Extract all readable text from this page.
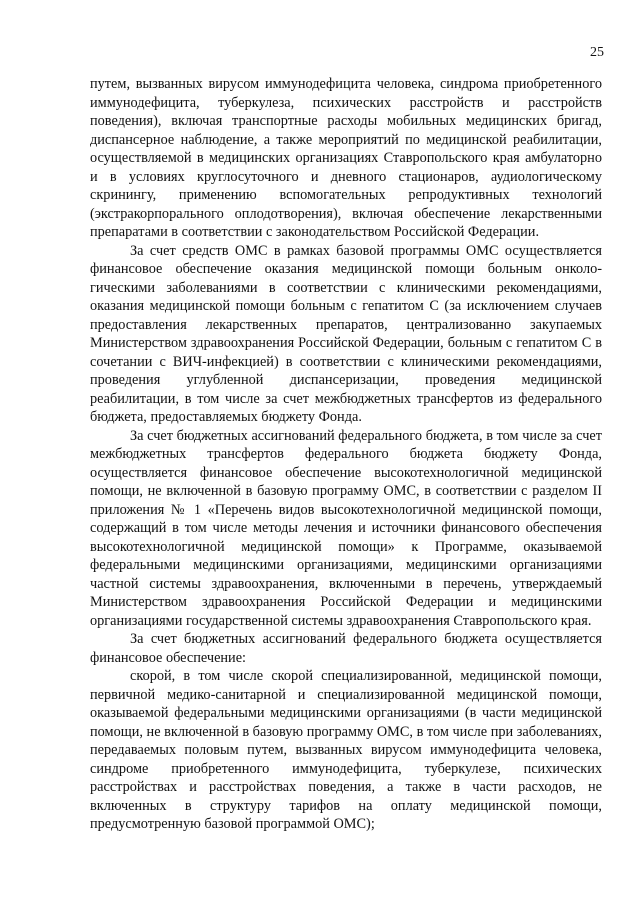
25

путем, вызванных вирусом иммунодефицита человека, синдрома приобретенного иммунодефицита, туберкулеза, психических расстройств и расстройств поведения), включая транспортные расходы мобильных медицинских бригад, диспансерное наблюдение, а также мероприятий по медицинской реабилитации, осуществляемой в медицинских организациях Ставропольского края амбулаторно и в условиях круглосуточного и дневного стационаров, аудиологическому скринингу, применению вспомогательных репродуктивных технологий (экстракорпорального оплодотворения), включая обеспечение лекарственными препаратами в соответствии с законодательством Российской Федерации.

За счет средств ОМС в рамках базовой программы ОМС осуществляется финансовое обеспечение оказания медицинской помощи больным онкологическими заболеваниями в соответствии с клиническими рекомендациями, оказания медицинской помощи больным с гепатитом С (за исключением случаев предоставления лекарственных препаратов, централизованно закупаемых Министерством здравоохранения Российской Федерации, больным с гепатитом С в сочетании с ВИЧ-инфекцией) в соответствии с клиническими рекомендациями, проведения углубленной диспансеризации, проведения медицинской реабилитации, в том числе за счет межбюджетных трансфертов из федерального бюджета, предоставляемых бюджету Фонда.

За счет бюджетных ассигнований федерального бюджета, в том числе за счет межбюджетных трансфертов федерального бюджета бюджету Фонда, осуществляется финансовое обеспечение высокотехнологичной медицинской помощи, не включенной в базовую программу ОМС, в соответствии с разделом II приложения № 1 «Перечень видов высокотехнологичной медицинской помощи, содержащий в том числе методы лечения и источники финансового обеспечения высокотехнологичной медицинской помощи» к Программе, оказываемой федеральными медицинскими организациями, медицинскими организациями частной системы здравоохранения, включенными в перечень, утверждаемый Министерством здравоохранения Российской Федерации и медицинскими организациями государственной системы здравоохранения Ставропольского края.

За счет бюджетных ассигнований федерального бюджета осуществляется финансовое обеспечение:

скорой, в том числе скорой специализированной, медицинской помощи, первичной медико-санитарной и специализированной медицинской помощи, оказываемой федеральными медицинскими организациями (в части медицинской помощи, не включенной в базовую программу ОМС, в том числе при заболеваниях, передаваемых половым путем, вызванных вирусом иммунодефицита человека, синдроме приобретенного иммунодефицита, туберкулезе, психических расстройствах и расстройствах поведения, а также в части расходов, не включенных в структуру тарифов на оплату медицинской помощи, предусмотренную базовой программой ОМС);
